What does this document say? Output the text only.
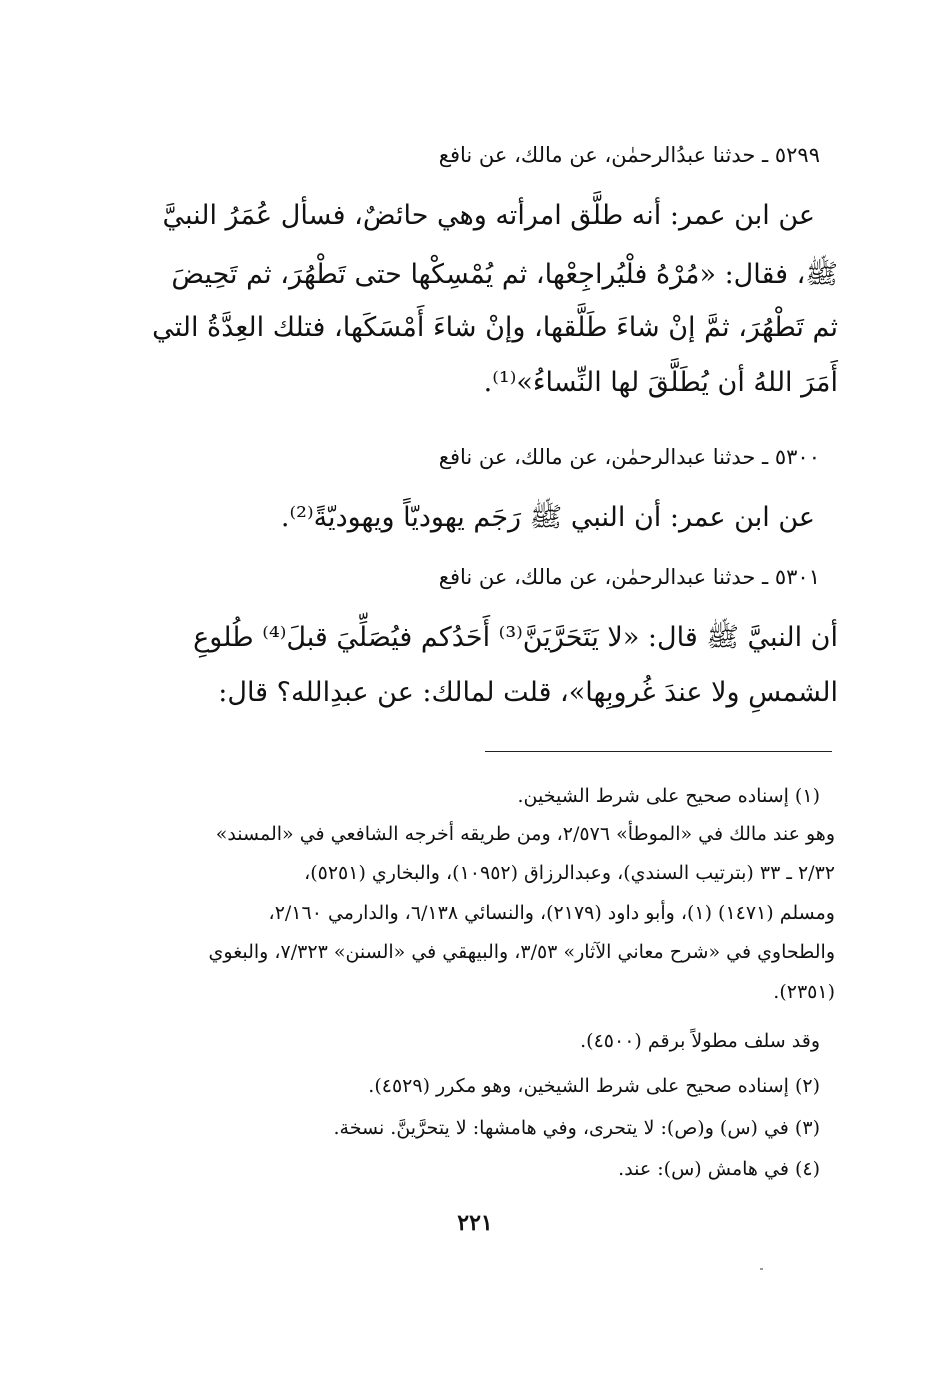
٥٢٩٩ ـ حدثنا عبدُالرحمٰن، عن مالك، عن نافع
عن ابن عمر: أنه طلَّق امرأته وهي حائضٌ، فسأل عُمَرُ النبيَّ
ﷺ، فقال: «مُرْهُ فلْيُراجِعْها، ثم يُمْسِكْها حتى تَطْهُرَ، ثم تَحِيضَ
ثم تَطْهُرَ، ثمَّ إنْ شاءَ طَلَّقها، وإنْ شاءَ أَمْسَكَها، فتلك العِدَّةُ التي
أَمَرَ اللهُ أن يُطَلَّقَ لها النِّساءُ»⁽¹⁾.
٥٣٠٠ ـ حدثنا عبدالرحمٰن، عن مالك، عن نافع
عن ابن عمر: أن النبي ﷺ رَجَم يهوديّاً ويهوديّةً⁽²⁾.
٥٣٠١ ـ حدثنا عبدالرحمٰن، عن مالك، عن نافع
أن النبيَّ ﷺ قال: «لا يَتَحَرَّيَنَّ⁽³⁾ أَحَدُكم فيُصَلِّيَ قبلَ⁽⁴⁾ طُلوعِ
الشمسِ ولا عندَ غُروبِها»، قلت لمالك: عن عبدِالله؟ قال:
(١) إسناده صحيح على شرط الشيخين.
وهو عند مالك في «الموطأ» ٢/٥٧٦، ومن طريقه أخرجه الشافعي في «المسند»
٢/٣٢ ـ ٣٣ (بترتيب السندي)، وعبدالرزاق (١٠٩٥٢)، والبخاري (٥٢٥١)،
ومسلم (١٤٧١) (١)، وأبو داود (٢١٧٩)، والنسائي ٦/١٣٨، والدارمي ٢/١٦٠،
والطحاوي في «شرح معاني الآثار» ٣/٥٣، والبيهقي في «السنن» ٧/٣٢٣، والبغوي
(٢٣٥١).
وقد سلف مطولاً برقم (٤٥٠٠).
(٢) إسناده صحيح على شرط الشيخين، وهو مكرر (٤٥٢٩).
(٣) في (س) و(ص): لا يتحرى، وفي هامشها: لا يتحرَّينَّ. نسخة.
(٤) في هامش (س): عند.
٢٢١
